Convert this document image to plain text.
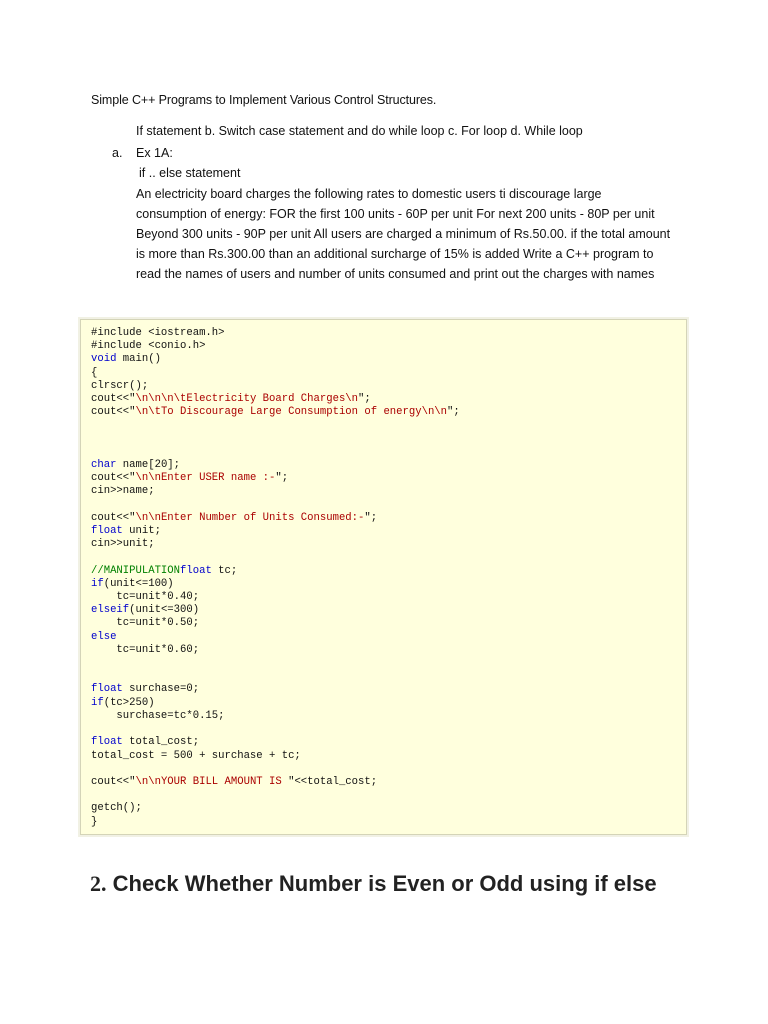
Simple C++ Programs to Implement Various Control Structures.
If statement b. Switch case statement and do while loop c. For loop d. While loop
a. Ex 1A:
if .. else statement
An electricity board charges the following rates to domestic users ti discourage large
consumption of energy: FOR the first 100 units - 60P per unit For next 200 units - 80P per unit
Beyond 300 units - 90P per unit All users are charged a minimum of Rs.50.00. if the total amount
is more than Rs.300.00 than an additional surcharge of 15% is added Write a C++ program to
read the names of users and number of units consumed and print out the charges with names
#include <iostream.h>
#include <conio.h>
void main()
{
clrscr();
cout<<"\n\n\n\tElectricity Board Charges\n";
cout<<"\n\tTo Discourage Large Consumption of energy\n\n";

char name[20];
cout<<"\n\nEnter USER name :-";
cin>>name;

cout<<"\n\nEnter Number of Units Consumed:-";
float unit;
cin>>unit;

//MANIPULATIONfloat tc;
if(unit<=100)
tc=unit*0.40;
elseif(unit<=300)
tc=unit*0.50;
else
tc=unit*0.60;

float surchase=0;
if(tc>250)
surchase=tc*0.15;

float total_cost;
total_cost = 500 + surchase + tc;

cout<<"\n\nYOUR BILL AMOUNT IS "<<total_cost;

getch();
}
2. Check Whether Number is Even or Odd using if else
